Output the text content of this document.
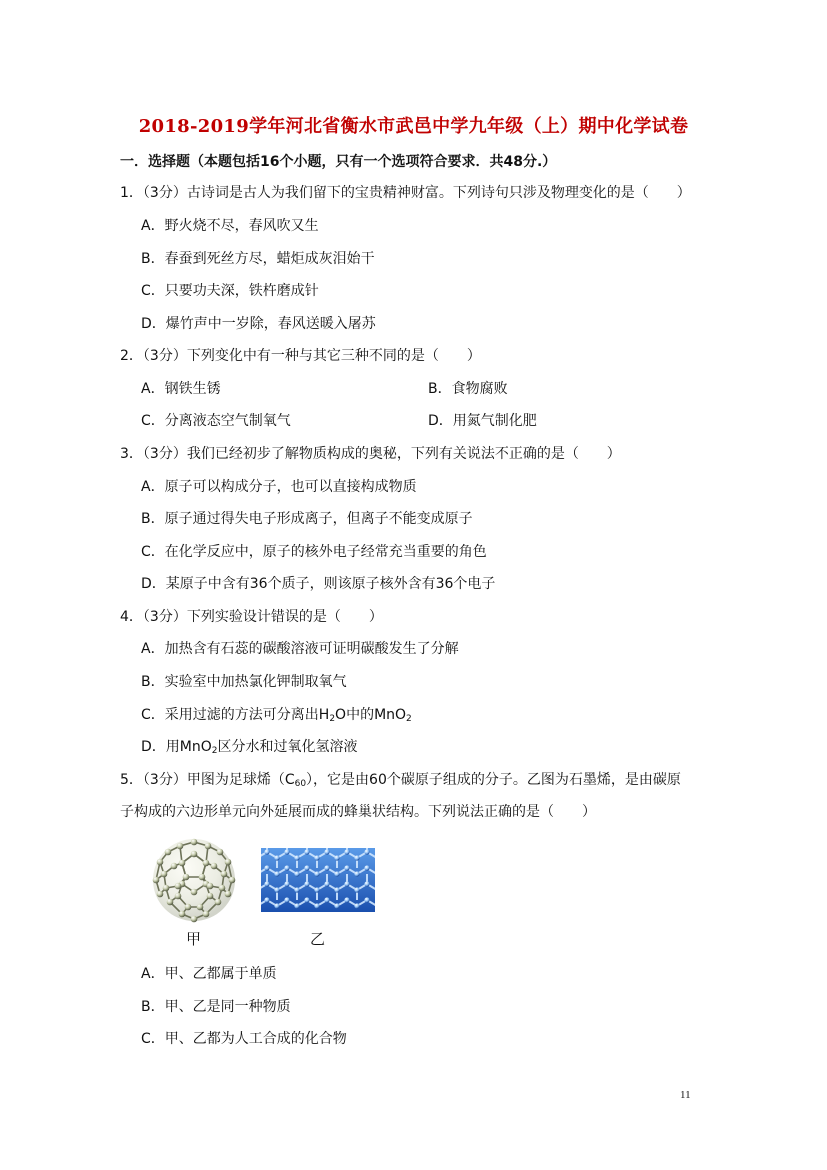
2018-2019学年河北省衡水市武邑中学九年级（上）期中化学试卷
一．选择题（本题包括16个小题，只有一个选项符合要求．共48分.）
1．（3分）古诗词是古人为我们留下的宝贵精神财富。下列诗句只涉及物理变化的是（　　）
A．野火烧不尽，春风吹又生
B．春蚕到死丝方尽，蜡炬成灰泪始干
C．只要功夫深，铁杵磨成针
D．爆竹声中一岁除，春风送暖入屠苏
2．（3分）下列变化中有一种与其它三种不同的是（　　）
A．钢铁生锈	B．食物腐败
C．分离液态空气制氧气	D．用氮气制化肥
3．（3分）我们已经初步了解物质构成的奥秘，下列有关说法不正确的是（　　）
A．原子可以构成分子，也可以直接构成物质
B．原子通过得失电子形成离子，但离子不能变成原子
C．在化学反应中，原子的核外电子经常充当重要的角色
D．某原子中含有36个质子，则该原子核外含有36个电子
4．（3分）下列实验设计错误的是（　　）
A．加热含有石蕊的碳酸溶液可证明碳酸发生了分解
B．实验室中加热氯化钾制取氧气
C．采用过滤的方法可分离出$H_2O$中的MnO$_2$
D．用MnO$_2$区分水和过氧化氢溶液
5．（3分）甲图为足球烯$(C_{60})$，它是由60个碳原子组成的分子。乙图为石墨烯，是由碳原
子构成的六边形单元向外延展而成的蜂巢状结构。下列说法正确的是（　　）
甲	乙
A．甲、乙都属于单质
B．甲、乙是同一种物质
C．甲、乙都为人工合成的化合物
11
